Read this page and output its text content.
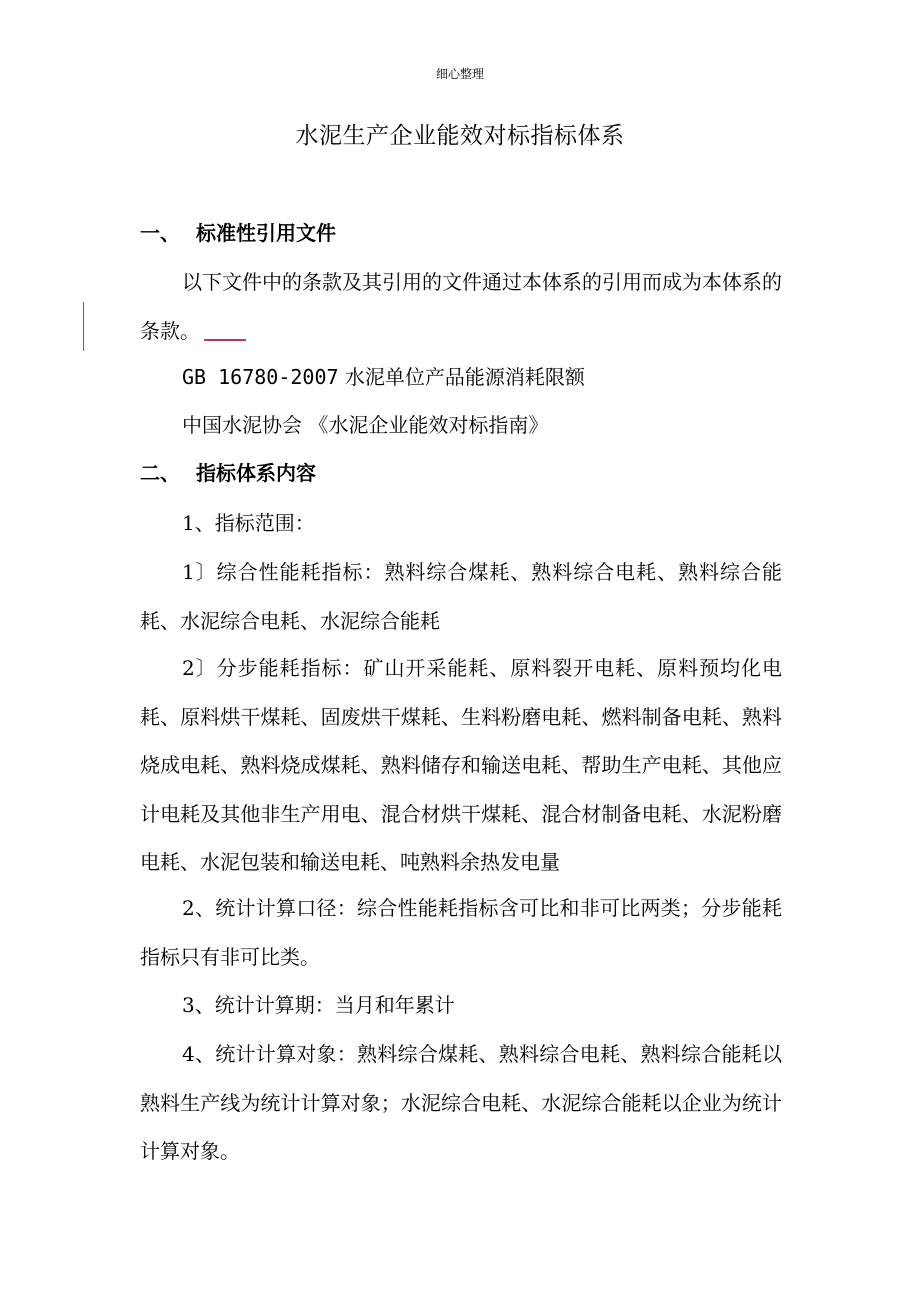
细心整理
水泥生产企业能效对标指标体系
一、 标准性引用文件
以下文件中的条款及其引用的文件通过本体系的引用而成为本体系的条款。
GB 16780-2007 水泥单位产品能源消耗限额
中国水泥协会 《水泥企业能效对标指南》
二、 指标体系内容
1、指标范围：
1〕综合性能耗指标：熟料综合煤耗、熟料综合电耗、熟料综合能耗、水泥综合电耗、水泥综合能耗
2〕分步能耗指标：矿山开采能耗、原料裂开电耗、原料预均化电耗、原料烘干煤耗、固废烘干煤耗、生料粉磨电耗、燃料制备电耗、熟料烧成电耗、熟料烧成煤耗、熟料储存和输送电耗、帮助生产电耗、其他应计电耗及其他非生产用电、混合材烘干煤耗、混合材制备电耗、水泥粉磨电耗、水泥包装和输送电耗、吨熟料余热发电量
2、统计计算口径：综合性能耗指标含可比和非可比两类；分步能耗指标只有非可比类。
3、统计计算期：当月和年累计
4、统计计算对象：熟料综合煤耗、熟料综合电耗、熟料综合能耗以熟料生产线为统计计算对象；水泥综合电耗、水泥综合能耗以企业为统计计算对象。
